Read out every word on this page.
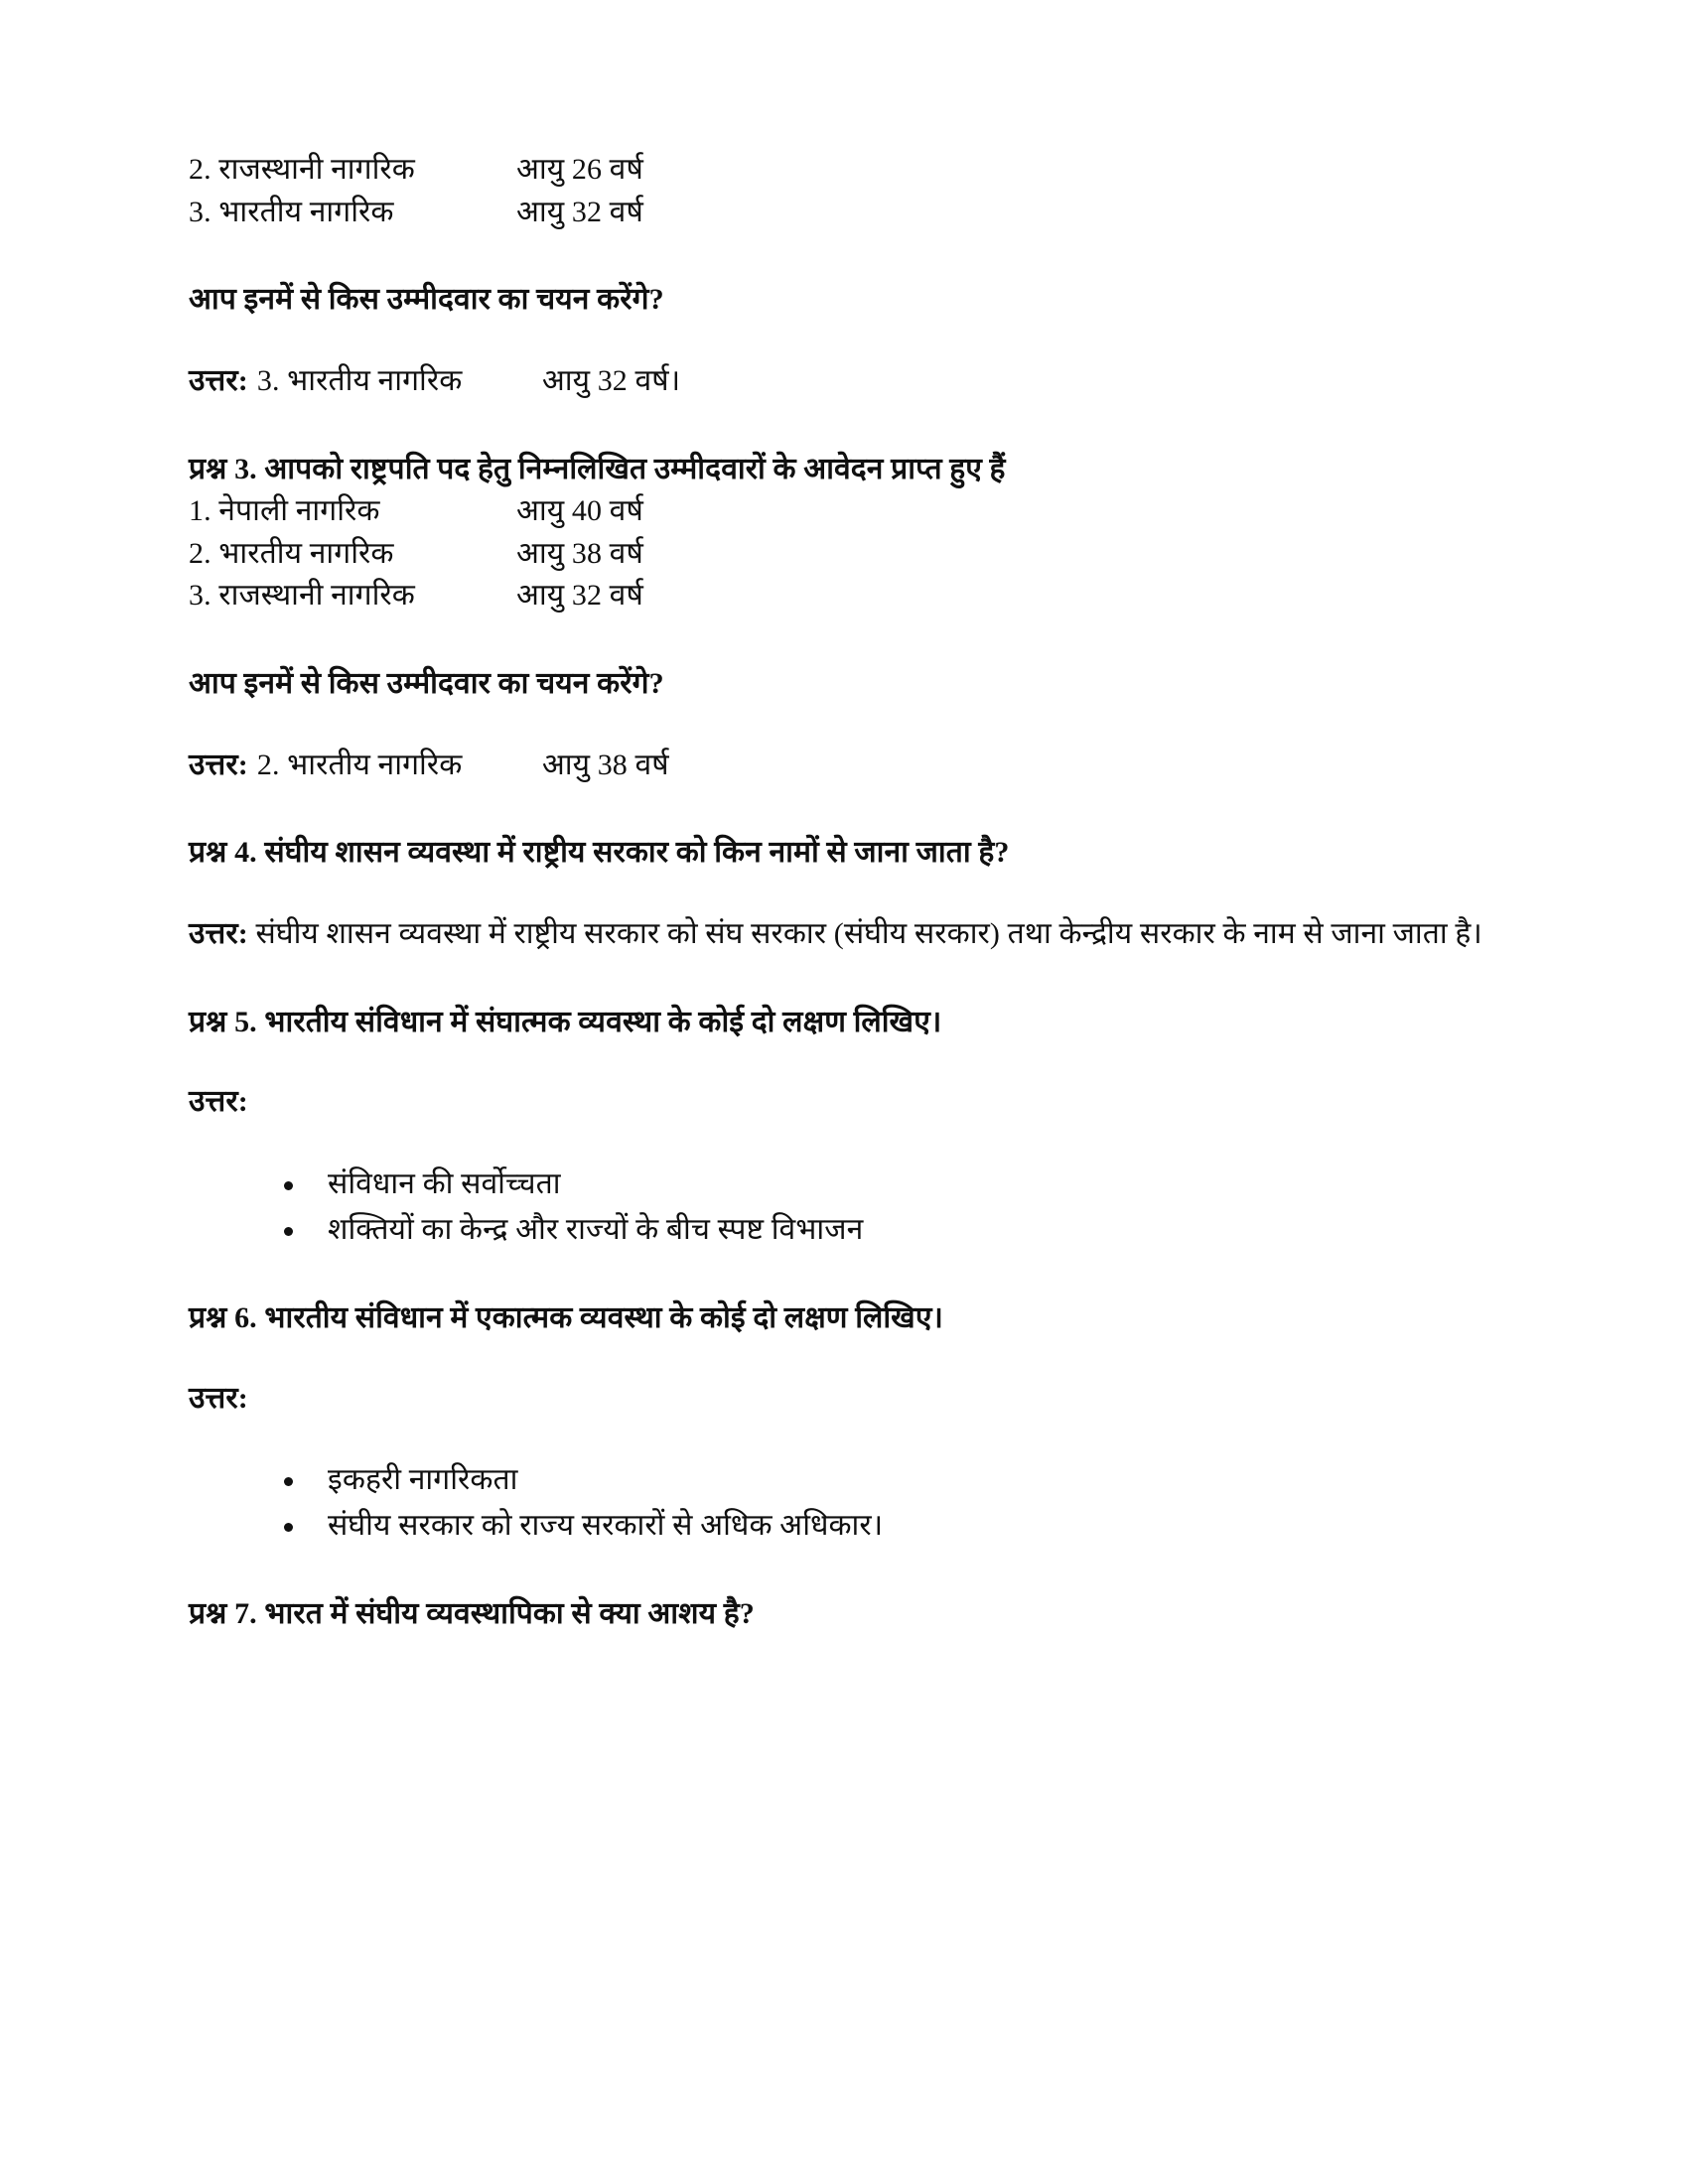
2. राजस्थानी नागरिक	आयु 26 वर्ष
3. भारतीय नागरिक	आयु 32 वर्ष
आप इनमें से किस उम्मीदवार का चयन करेंगे?
उत्तर: 3. भारतीय नागरिक	आयु 32 वर्ष।
प्रश्न 3. आपको राष्ट्रपति पद हेतु निम्नलिखित उम्मीदवारों के आवेदन प्राप्त हुए हैं
1. नेपाली नागरिक	आयु 40 वर्ष
2. भारतीय नागरिक	आयु 38 वर्ष
3. राजस्थानी नागरिक	आयु 32 वर्ष
आप इनमें से किस उम्मीदवार का चयन करेंगे?
उत्तर: 2. भारतीय नागरिक	आयु 38 वर्ष
प्रश्न 4. संघीय शासन व्यवस्था में राष्ट्रीय सरकार को किन नामों से जाना जाता है?
उत्तर: संघीय शासन व्यवस्था में राष्ट्रीय सरकार को संघ सरकार (संघीय सरकार) तथा केन्द्रीय सरकार के नाम से जाना जाता है।
प्रश्न 5. भारतीय संविधान में संघात्मक व्यवस्था के कोई दो लक्षण लिखिए।
उत्तर:
संविधान की सर्वोच्चता
शक्तियों का केन्द्र और राज्यों के बीच स्पष्ट विभाजन
प्रश्न 6. भारतीय संविधान में एकात्मक व्यवस्था के कोई दो लक्षण लिखिए।
उत्तर:
इकहरी नागरिकता
संघीय सरकार को राज्य सरकारों से अधिक अधिकार।
प्रश्न 7. भारत में संघीय व्यवस्थापिका से क्या आशय है?
